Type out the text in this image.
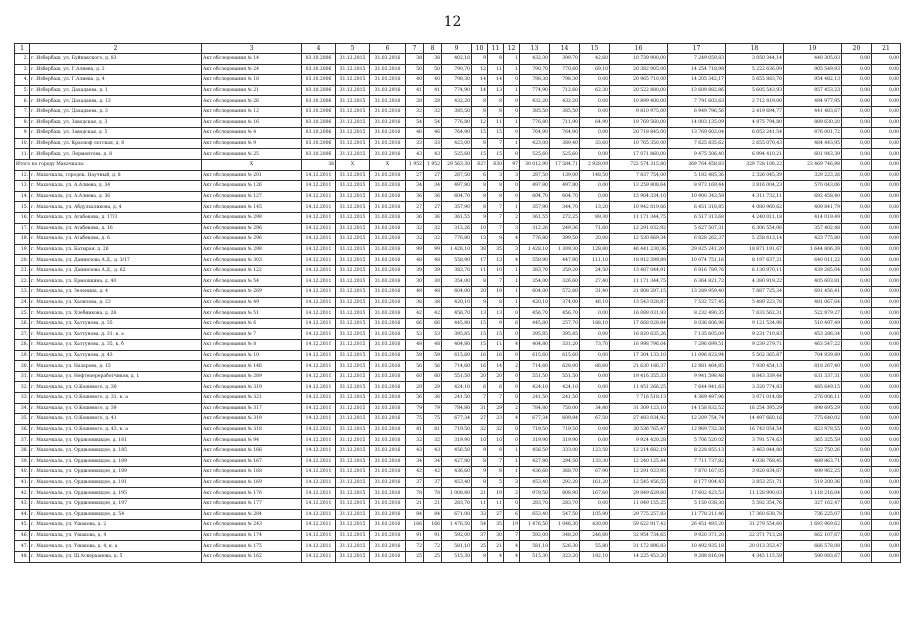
12
1	2	3	4	5	6	7	8	9	10	11	12	13	14	15	16	17	18	19	20	21
2.	г. Избербаш, ул. Буйнакского, д. 83	Акт обследования № 14	03.10.2006	31.12.2015	31.03.2016	38	38	402,10	9	8	1	432,30	399,70	42,60	10 739 900,00	7 249 059,83	3 050 344,14	440 305,03	0,00	0,00
3.	г. Избербаш, ул. Г.Алиева, д. 2	Акт обследования № 24	03.10.2006	31.12.2015	31.03.2016	50	50	790,70	12	11	1	790,70	770,60	69,10	20 382 905,00	14 254 718,98	5 222 636,09	905 549,93	0,00	0,00
4.	г. Избербаш, ул. Г.Алиева, д. 4	Акт обследования № 18	03.10.2006	31.12.2015	31.03.2016	40	40	798,30	14	14	0	798,30	798,30	0,00	20 965 710,00	14 205 342,17	5 655 883,70	954 482,13	0,00	0,00
5.	г. Избербаш, ул. Дахадаева, д. 1	Акт обследования № 21	03.10.2006	31.12.2015	31.03.2016	41	41	774,90	14	13	1	774,90	712,60	62,30	20 522 880,00	13 609 882,86	5 605 543,93	857 453,23	0,00	0,00
6.	г. Избербаш, ул. Дахадаева, д. 13	Акт обследования № 26	03.10.2006	31.12.2015	31.03.2016	28	28	432,20	8	8	0	432,20	432,20	0,00	10 899 400,00	7 791 603,63	2 712 819,00	494 977,95	0,00	0,00
7.	г. Избербаш, ул. Дахадаева, д. 3	Акт обследования № 12	03.10.2006	31.12.2015	31.03.2016	32	32	385,50	8	8	0	385,50	385,50	0,00	9 810 975,00	6 949 796,56	2 419 694,77	441 483,67	0,00	0,00
8.	г. Избербаш, ул. Заводская, д. 3	Акт обследования № 16	03.10.2006	31.12.2015	31.03.2016	54	54	776,80	12	11	1	776,80	711,90	64,90	19 769 560,00	14 003 135,09	4 875 794,80	889 630,20	0,00	0,00
9.	г. Избербаш, ул. Заводская, д. 5	Акт обследования № 4	03.10.2006	31.12.2015	31.03.2016	46	46	764,90	15	15	0	764,90	764,90	0,00	20 718 845,00	13 769 602,04	6 053 241,54	876 001,72	0,00	0,00
10.	г. Избербаш, ул. Красноф лотская, д. 8	Акт обследования № 9	03.10.2006	31.12.2015	31.03.2016	33	33	423,00	8	7	1	423,00	389,40	33,60	10 765 350,00	7 625 835,62	2 655 070,43	484 443,95	0,00	0,00
11.	г. Избербаш, ул. Лермонтова, д. 8	Акт обследования № 25	03.10.2006	31.12.2015	31.03.2016	43	43	525,60	15	15	0	525,60	525,60	0,00	17 071 860,00	9 475 506,40	6 994 410,21	601 943,39	0,00	0,00
Итого по городу Махачкала:		X	38	X	X	1 952	1 952	29 563,30	627	630	97	30 012,90	17 584,71	2 928,09	722 574 315,80	369 764 458,83	329 728 106,22	23 469 746,98	0,00	0,00
12.	г. Махачкала, городок. Научный, д. 8	Акт обследования № 201	14.12.2011	31.12.2015	31.03.2016	27	27	287,50	6	3	3	287,50	139,00	148,50	7 837 754,00	5 182 485,36	2 326 045,39	329 223,26	0,00	0,00
13.	г. Махачкала, ул. А.Алиева, д. 34	Акт обследования № 126	14.12.2011	31.12.2015	31.03.2016	34	34	497,80	8	8	0	497,80	497,80	0,00	13 259 808,64	8 973 169,44	3 816 004,23	570 043,06	0,00	0,00
14.	г. Махачкала, ул. А.Алиева, д. 36	Акт обследования № 127	14.12.2011	31.12.2015	31.03.2016	36	36	604,70	8	8	0	604,70	604,70	0,00	15 904 334,10	10 900 343,59	4 311 732,11	692 458,40	0,00	0,00
15.	г. Махачкала, ул. Абдулхаликова, д. 4	Акт обследования № 145	14.12.2011	31.12.2015	31.03.2016	27	27	357,90	8	7	1	357,90	344,70	13,20	10 942 819,66	6 451 318,85	4 080 960,62	409 841,79	0,00	0,00
16.	г. Махачкала, ул. Агабекова, д. 17/3	Акт обследования № 298	14.12.2011	31.12.2015	31.03.2016	36	36	361,55	9	7	2	361,55	272,25	89,30	11 171 344,75	6 517 313,68	4 240 011,18	414 019,49	0,00	0,00
17.	г. Махачкала, ул. Агабекова, д. 16	Акт обследования № 296	14.12.2011	31.12.2015	31.03.2016	32	32	312,26	10	7	3	312,26	249,36	71,60	12 291 032,92	5 627 507,31	6 306 554,06	357 402,48	0,00	0,00
18.	г. Махачкала, ул. Агабекова, д. 6	Акт обследования № 296	14.12.2011	31.12.2015	31.03.2016	32	32	776,80	13	9	4	776,80	399,50	20,00	12 530 669,34	6 828 262,37	5 258 613,14	423 775,80	0,00	0,00
19.	г. Махачкала, ул. Батырая, д. 26	Акт обследования № 298	14.12.2011	31.12.2015	31.03.2016	99	99	1 428,10	38	35	3	1 428,10	1 309,30	128,80	46 441 230,36	29 925 241,20	18 871 191,67	1 644 806,39	0,00	0,00
20.	г. Махачкала, ул. Даниялова А.Д., д. 3/17	Акт обследования № 303	14.12.2011	31.12.2015	31.03.2016	48	48	558,90	17	13	4	558,90	447,80	111,10	18 912 399,89	10 074 751,16	8 197 637,21	640 011,22	0,00	0,00
21.	г. Махачкала, ул. Даниялова А.Д., д. 62	Акт обследования № 122	14.12.2011	31.12.2015	31.03.2016	39	39	383,70	11	10	1	383,70	359,20	24,50	13 487 044,91	6 916 789,76	6 130 970,11	439 285,04	0,00	0,00
22.	г. Махачкала, ул. Ермошкина, д. 40	Акт обследования № 54	14.12.2011	31.12.2015	31.03.2016	30	30	354,00	8	7	1	354,00	326,60	27,40	11 171 344,75	6 364 821,72	4 380 919,22	405 603,81	0,00	0,00
23.	г. Махачкала, ул. Зеленина, д. 4	Акт обследования № 269	14.12.2011	31.12.2015	31.03.2016	48	48	604,00	20	19	1	604,00	572,60	31,40	21 808 297,15	13 289 959,40	7 887 725,34	691 456,41	0,00	0,00
24.	г. Махачкала, ул. Халилова, д. 23	Акт обследования № 49	14.12.2011	31.12.2015	31.03.2016	38	38	420,10	9	8	1	420,10	374,00	46,10	13 543 028,87	7 532 727,45	5 489 223,78	481 067,64	0,00	0,00
25.	г. Махачкала, ул. Хлебникова, д. 26	Акт обследования № 51	14.12.2011	31.12.2015	31.03.2016	42	42	456,70	13	13	0	456,70	456,70	0,00	16 088 031,93	8 232 490,35	7 633 562,31	522 979,27	0,00	0,00
26.	г. Махачкала, ул. Хаттунова, д. 35	Акт обследования № 6	14.12.2011	31.12.2015	31.03.2016	66	66	445,80	15	9	6	445,80	257,70	188,10	17 668 028,84	8 036 606,96	9 121 534,98	510 497,49	0,00	0,00
27.	г. Махачкала, ул. Хаттунова, д. 31, к. а	Акт обследования № 7	14.12.2011	31.12.2015	31.03.2016	53	53	395,85	15	15	0	395,85	395,85	0,00	16 820 635,26	7 135 605,09	9 231 710,83	453 286,34	0,00	0,00
28.	г. Махачкала, ул. Хаттунова, д. 35, к. б	Акт обследования № 8	14.12.2011	31.12.2015	31.03.2016	48	48	404,80	15	11	4	404,80	331,20	73,70	16 998 796,04	7 296 699,51	9 239 279,71	463 547,22	0,00	0,00
29.	г. Махачкала, ул. Хаттунова, д. 43	Акт обследования № 10	14.12.2011	31.12.2015	31.03.2016	59	59	615,60	16	16	0	615,60	615,60	0,00	17 304 133,10	11 096 823,94	5 502 365,87	704 939,89	0,00	0,00
30.	г. Махачкала, ул. Назарова, д. 15	Акт обследования № 146	14.12.2011	31.12.2015	31.03.2016	56	56	714,60	16	14	2	714,60	628,00	86,60	21 630 186,37	12 881 464,85	7 930 454,13	818 267,40	0,00	0,00
31.	г. Махачкала, ул. Нефтепереработчиков, д. 1	Акт обследования № 289	14.12.2011	31.12.2015	31.03.2016	60	60	551,50	20	20	0	551,50	551,50	0,00	19 416 355,33	9 941 598,48	8 843 339,44	631 337,31	0,00	0,00
32.	г. Махачкала, ул. О.Кошевого, д. 30	Акт обследования № 319	14.12.2011	31.12.2015	31.03.2016	29	29	424,10	6	6	0	424,10	424,10	0,00	11 451 266,25	7 644 941,63	3 320 774,83	485 649,15	0,00	0,00
33.	г. Махачкала, ул. О.Кошевого, д. 31, к. а	Акт обследования № 321	14.12.2011	31.12.2015	31.03.2016	36	36	241,50	7	7	0	241,50	241,50	0,00	7 716 518,13	4 369 497,96	3 071 014,08	276 006,11	0,00	0,00
34.	г. Махачкала, ул. О.Кошевого, д. 39	Акт обследования № 317	14.12.2011	31.12.2015	31.03.2016	79	79	784,80	31	29	2	784,80	750,00	34,80	31 309 123,10	14 158 832,52	16 254 395,29	898 695,29	0,00	0,00
35.	г. Махачкала, ул. О.Кошевого, д. 41	Акт обследования № 319	14.12.2011	31.12.2015	31.03.2016	75	75	677,34	27	23	4	677,34	609,84	67,50	27 483 034,92	12 209 754,74	14 497 660,16	775 640,02	0,00	0,00
36.	г. Махачкала, ул. О.Кошевого, д. 43, к. а	Акт обследования № 318	14.12.2011	31.12.2015	31.03.2016	81	81	719,50	32	32	0	719,50	719,50	0,00	30 536 765,47	12 969 732,38	16 743 054,54	823 978,55	0,00	0,00
37.	г. Махачкала, ул. Орджоникидзе, д. 161	Акт обследования № 94	14.12.2011	31.12.2015	31.03.2016	32	32	319,90	10	10	0	319,90	319,90	0,00	9 924 420,28	5 706 520,02	3 791 574,63	365 325,59	0,00	0,00
38.	г. Махачкала, ул. Орджоникидзе, д. 185	Акт обследования № 166	14.12.2011	31.12.2015	31.03.2016	43	43	456,50	9	8	1	456,50	333,00	123,50	12 214 682,19	8 228 855,13	3 463 044,80	522 750,26	0,00	0,00
39.	г. Махачкала, ул. Орджоникидзе, д. 189	Акт обследования № 167	14.12.2011	31.12.2015	31.03.2016	34	34	427,80	8	7	1	427,80	294,50	133,30	12 240 125,44	7 711 737,92	4 038 768,45	489 863,71	0,00	0,00
40.	г. Махачкала, ул. Орджоникидзе, д. 189	Акт обследования № 168	14.12.2011	31.12.2015	31.03.2016	42	42	436,60	9	8	1	436,60	368,70	67,90	12 291 023,95	7 870 167,05	3 920 834,67	499 962,25	0,00	0,00
41.	г. Махачкала, ул. Орджоникидзе, д. 191	Акт обследования № 169	14.12.2011	31.12.2015	31.03.2016	37	37	453,40	8	5	3	453,40	292,20	161,20	12 545 456,55	8 177 004,43	3 853 251,71	519 200,36	0,00	0,00
42.	г. Махачкала, ул. Орджоникидзе, д. 195	Акт обследования № 176	14.12.2011	31.12.2015	31.03.2016	78	78	1 008,80	21	19	2	978,50	808,90	167,60	29 849 629,60	17 602 423,53	11 128 990,03	1 118 216,04	0,00	0,00
43.	г. Махачкала, ул. Орджоникидзе, д. 197	Акт обследования № 177	14.12.2011	31.12.2015	31.03.2016	21	21	283,70	11	11	0	283,70	283,70	0,00	11 049 155,25	5 150 038,30	5 592 354,76	327 162,47	0,00	0,00
44.	г. Махачкала, ул. Орджоникидзе, д. 54	Акт обследования № 284	14.12.2011	31.12.2015	31.03.2016	84	84	671,00	33	27	6	653,40	547,50	105,90	29 775 257,83	11 778 211,46	17 360 638,78	736 225,07	0,00	0,00
45.	г. Махачкала, ул. Ушакова, д. 2	Акт обследования № 243	14.12.2011	31.12.2015	31.03.2016	166	166	1 476,50	54	35	19	1 476,50	1 046,30	430,00	59 622 917,42	26 451 493,20	31 279 554,60	1 693 969,62	0,00	0,00
46.	г. Махачкала, ул. Ушакова, д. 4	Акт обследования № 174	14.12.2011	31.12.2015	31.03.2016	91	91	592,00	37	30	7	592,00	348,20	246,80	32 954 734,65	9 920 371,20	22 371 713,28	662 107,67	0,00	0,00
47.	г. Махачкала, ул. Ушакова, д. 4, к. а	Акт обследования № 175	14.12.2011	31.12.2015	31.03.2016	72	72	581,10	25	21	4	581,10	526,30	55,80	31 172 896,83	10 492 935,18	20 013 353,47	666 578,08	0,00	0,00
48.	г. Махачкала, ул. Ш.Аскерханова, д. 5	Акт обследования № 162	14.12.2011	31.12.2015	31.03.2016	25	25	515,30	8	4	4	515,30	323,20	192,10	14 225 453,20	9 288 816,04	4 345 115,59	590 083,67	0,00	0,00
